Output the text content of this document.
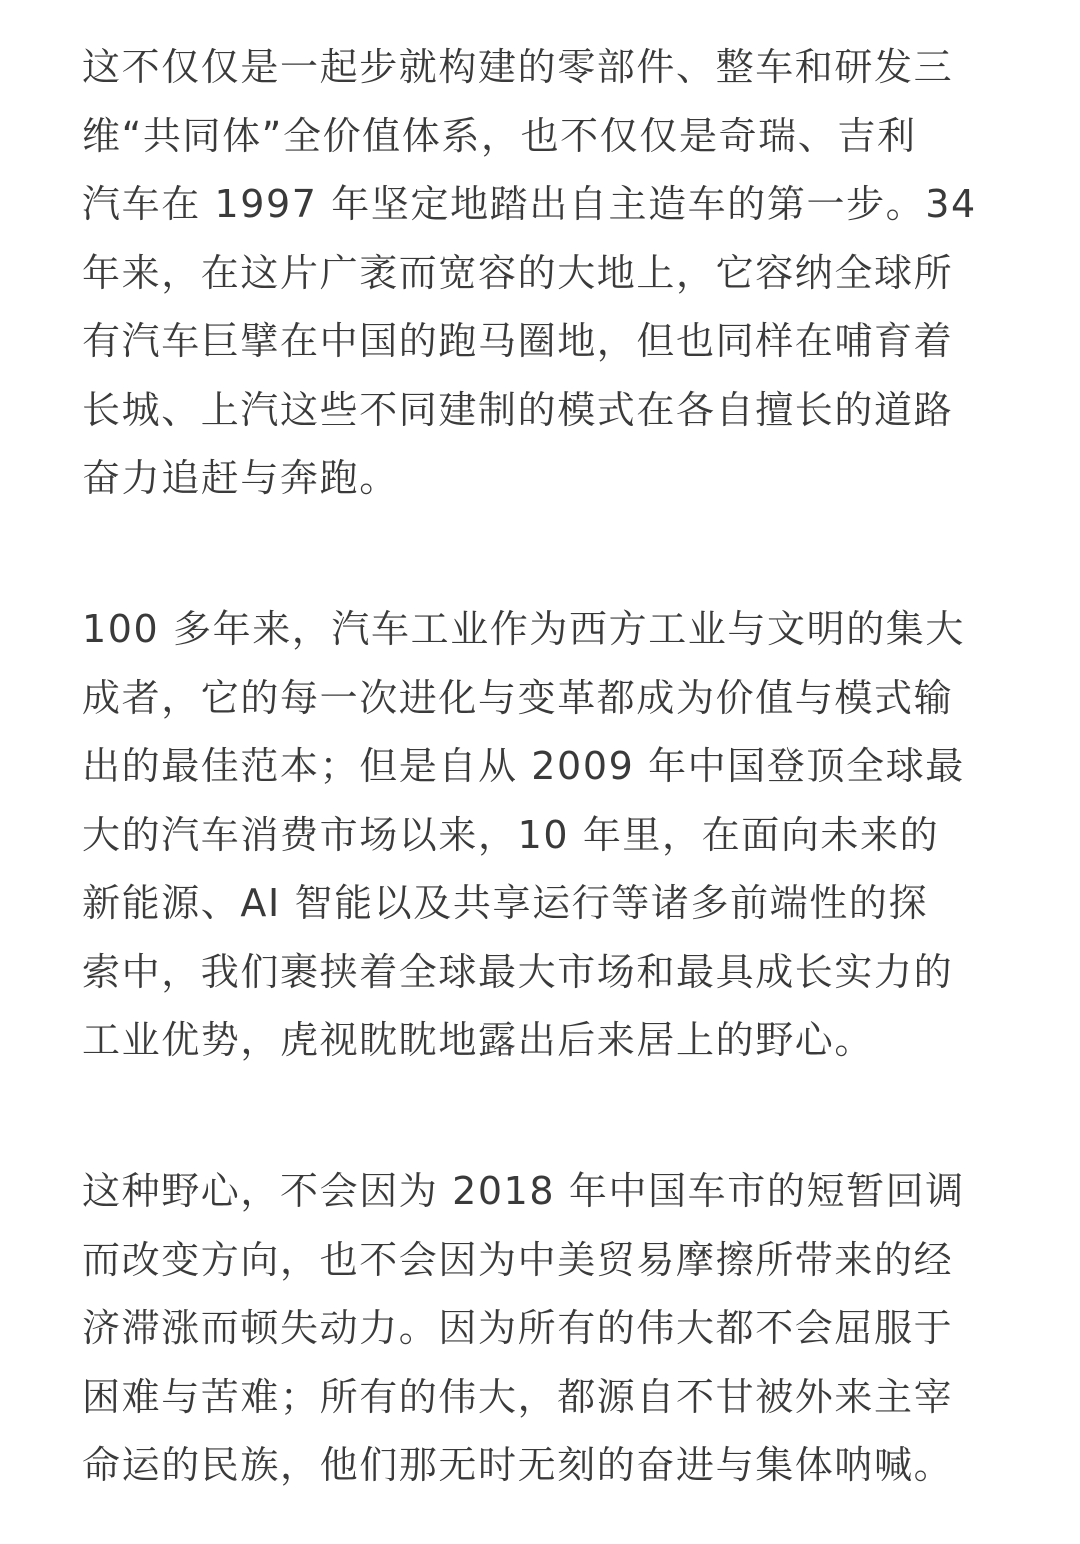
这不仅仅是一起步就构建的零部件、整车和研发三
维“共同体”全价值体系，也不仅仅是奇瑞、吉利
汽车在 1997 年坚定地踏出自主造车的第一步。34
年来，在这片广袤而宽容的大地上，它容纳全球所
有汽车巨擘在中国的跑马圈地，但也同样在哺育着
长城、上汽这些不同建制的模式在各自擅长的道路
奋力追赶与奔跑。

100 多年来，汽车工业作为西方工业与文明的集大
成者，它的每一次进化与变革都成为价值与模式输
出的最佳范本；但是自从 2009 年中国登顶全球最
大的汽车消费市场以来，10 年里，在面向未来的
新能源、AI 智能以及共享运行等诸多前端性的探
索中，我们裹挟着全球最大市场和最具成长实力的
工业优势，虎视眈眈地露出后来居上的野心。

这种野心，不会因为 2018 年中国车市的短暂回调
而改变方向，也不会因为中美贸易摩擦所带来的经
济滞涨而顿失动力。因为所有的伟大都不会屈服于
困难与苦难；所有的伟大，都源自不甘被外来主宰
命运的民族，他们那无时无刻的奋进与集体呐喊。
